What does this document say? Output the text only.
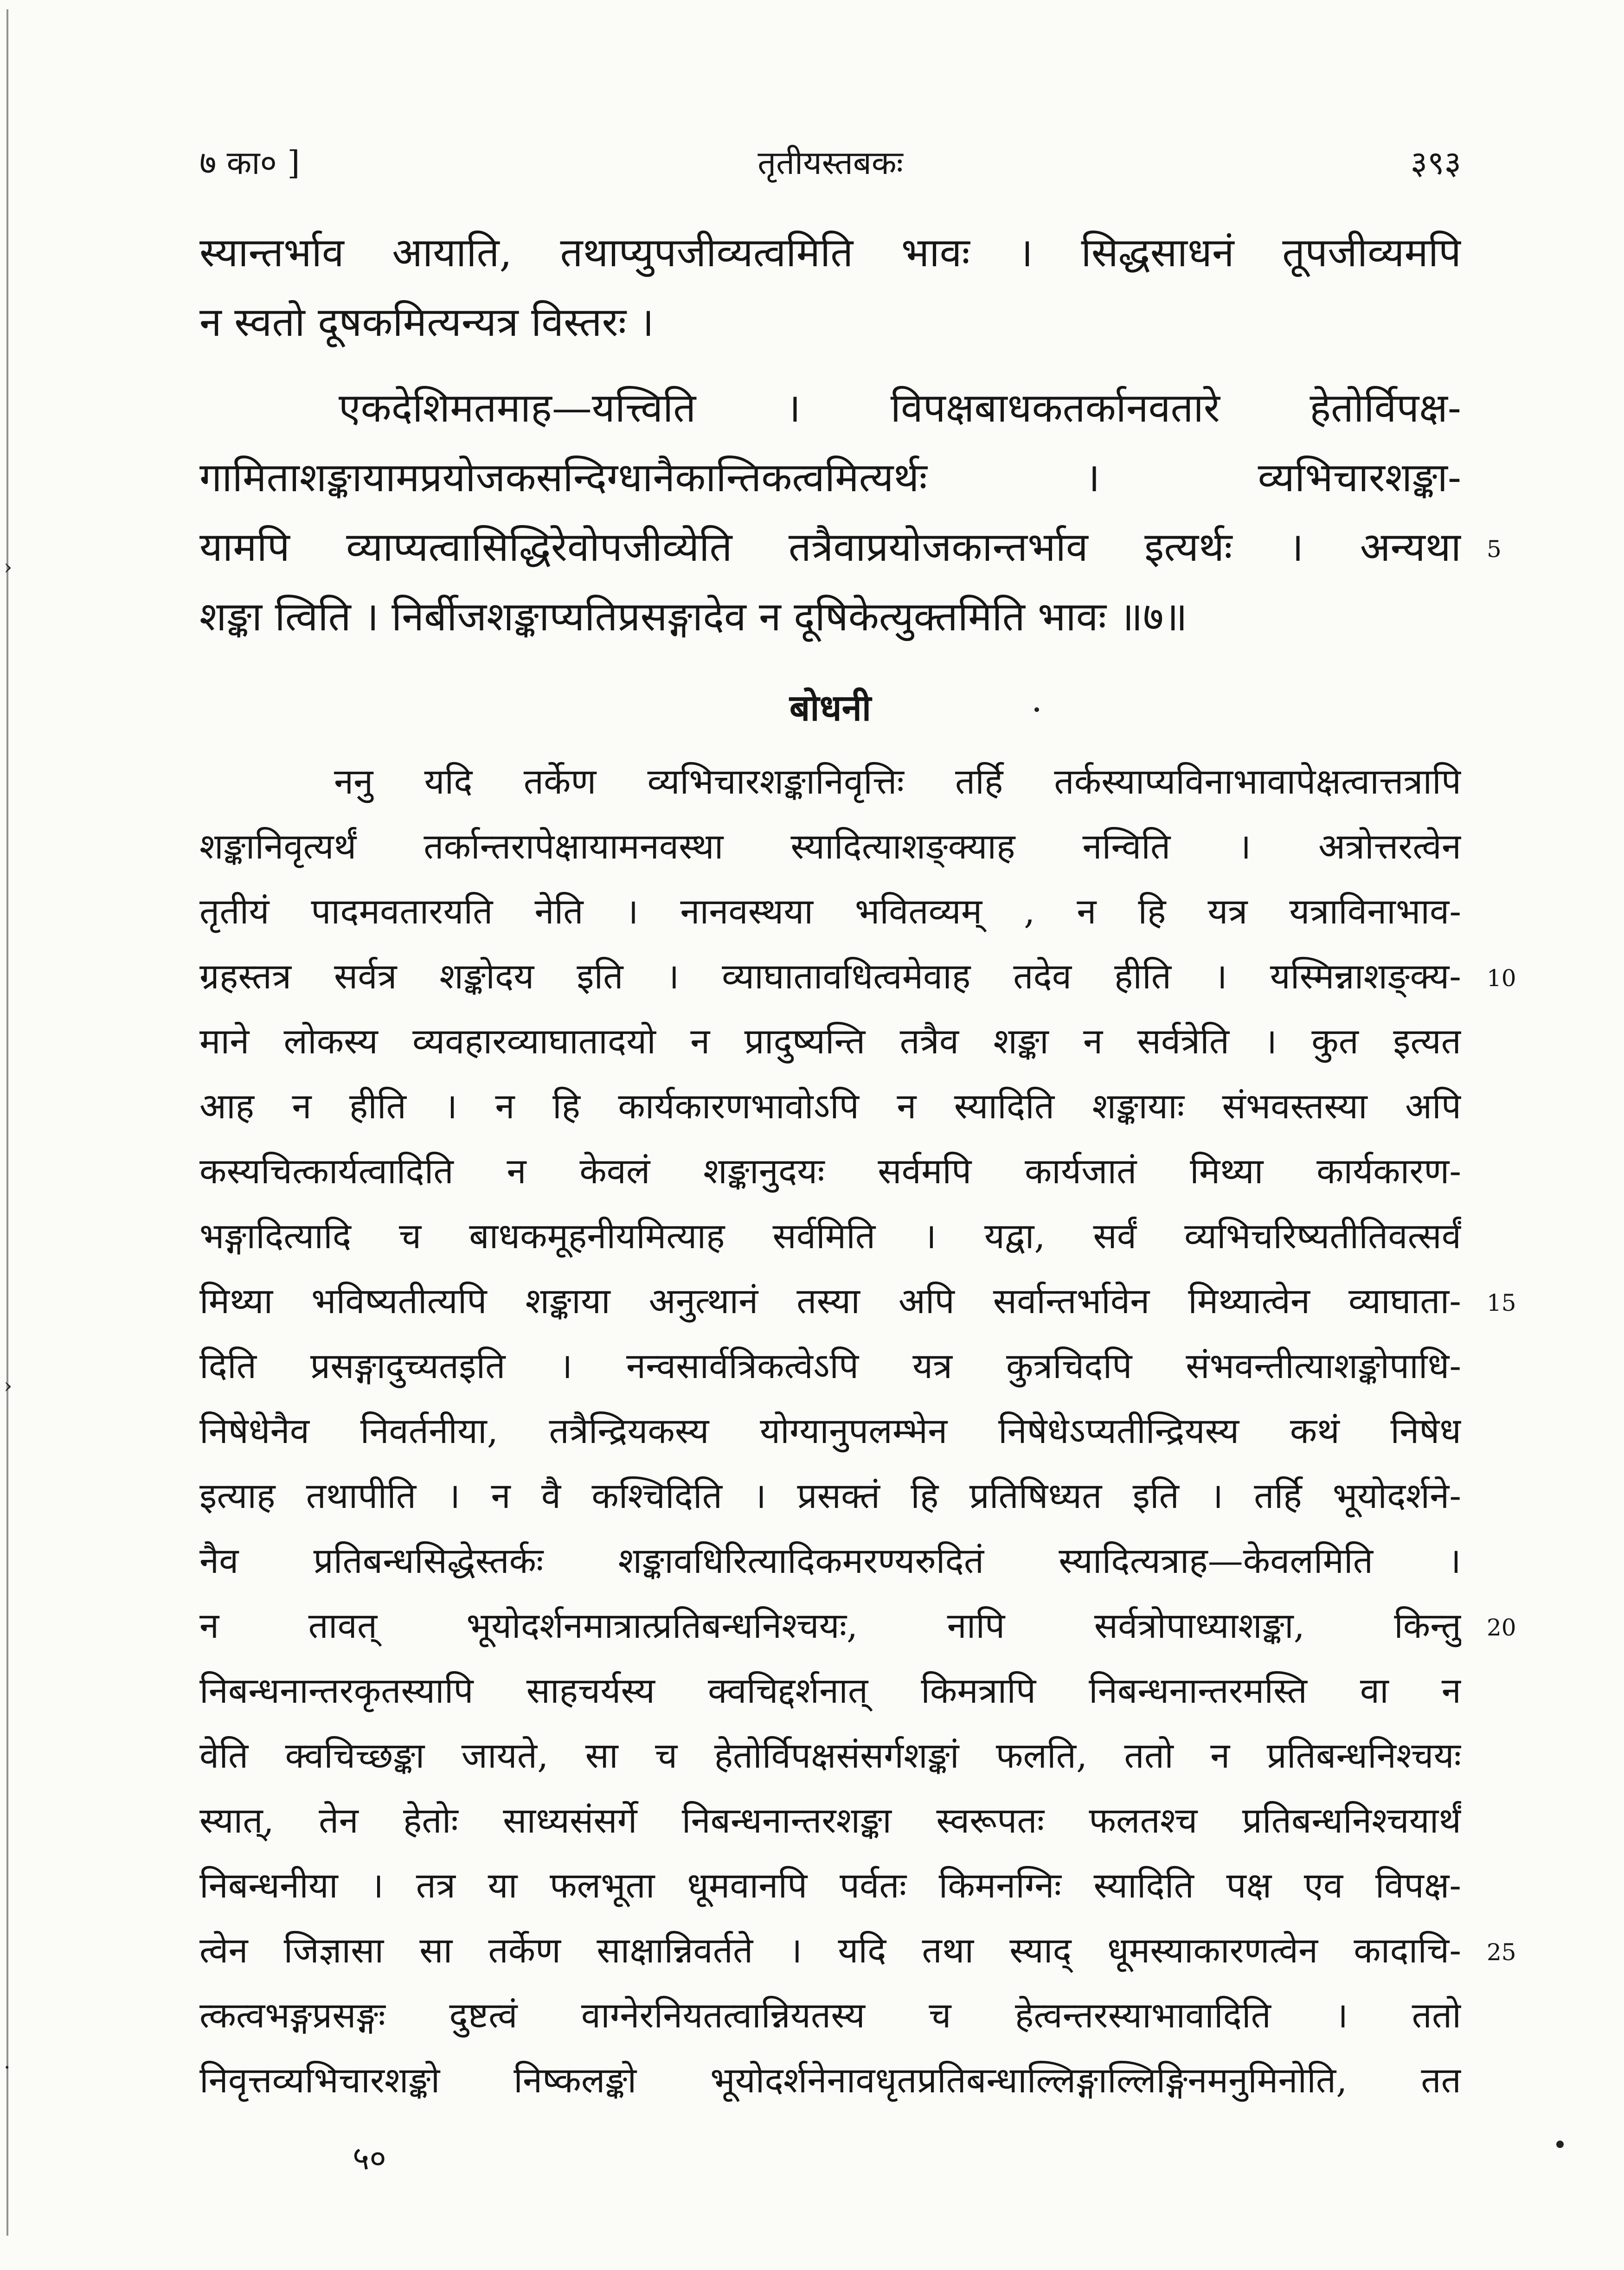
›
›
·
७ का० ]	तृतीयस्तबकः	३९३
स्यान्तर्भाव आयाति, तथाप्युपजीव्यत्वमिति भावः । सिद्धसाधनं तूपजीव्यमपि
न स्वतो दूषकमित्यन्यत्र विस्तरः ।
एकदेशिमतमाह—यत्त्विति । विपक्षबाधकतर्कानवतारे हेतोर्विपक्ष-
गामिताशङ्कायामप्रयोजकसन्दिग्धानैकान्तिकत्वमित्यर्थः । व्यभिचारशङ्का-
यामपि व्याप्यत्वासिद्धिरेवोपजीव्येति तत्रैवाप्रयोजकान्तर्भाव इत्यर्थः । अन्यथा
शङ्का त्विति । निर्बीजशङ्काप्यतिप्रसङ्गादेव न दूषिकेत्युक्तमिति भावः ॥७॥
बोधनी
ननु यदि तर्केण व्यभिचारशङ्कानिवृत्तिः तर्हि तर्कस्याप्यविनाभावापेक्षत्वात्तत्रापि
शङ्कानिवृत्यर्थं तर्कान्तरापेक्षायामनवस्था स्यादित्याशङ्क्याह नन्विति । अत्रोत्तरत्वेन
तृतीयं पादमवतारयति नेति । नानवस्थया भवितव्यम् , न हि यत्र यत्राविनाभाव-
ग्रहस्तत्र सर्वत्र शङ्कोदय इति । व्याघातावधित्वमेवाह तदेव हीति । यस्मिन्नाशङ्क्य-
माने लोकस्य व्यवहारव्याघातादयो न प्रादुष्यन्ति तत्रैव शङ्का न सर्वत्रेति । कुत इत्यत
आह न हीति । न हि कार्यकारणभावोऽपि न स्यादिति शङ्कायाः संभवस्तस्या अपि
कस्यचित्कार्यत्वादिति न केवलं शङ्कानुदयः सर्वमपि कार्यजातं मिथ्या कार्यकारण-
भङ्गादित्यादि च बाधकमूहनीयमित्याह सर्वमिति । यद्वा, सर्वं व्यभिचरिष्यतीतिवत्सर्वं
मिथ्या भविष्यतीत्यपि शङ्काया अनुत्थानं तस्या अपि सर्वान्तर्भावेन मिथ्यात्वेन व्याघाता-
दिति प्रसङ्गादुच्यतइति । नन्वसार्वत्रिकत्वेऽपि यत्र कुत्रचिदपि संभवन्तीत्याशङ्कोपाधि-
निषेधेनैव निवर्तनीया, तत्रैन्द्रियकस्य योग्यानुपलम्भेन निषेधेऽप्यतीन्द्रियस्य कथं निषेध
इत्याह तथापीति । न वै कश्चिदिति । प्रसक्तं हि प्रतिषिध्यत इति । तर्हि भूयोदर्शने-
नैव प्रतिबन्धसिद्धेस्तर्कः शङ्कावधिरित्यादिकमरण्यरुदितं स्यादित्यत्राह—केवलमिति ।
न तावत् भूयोदर्शनमात्रात्प्रतिबन्धनिश्चयः, नापि सर्वत्रोपाध्याशङ्का, किन्तु
निबन्धनान्तरकृतस्यापि साहचर्यस्य क्वचिद्दर्शनात् किमत्रापि निबन्धनान्तरमस्ति वा न
वेति क्वचिच्छङ्का जायते, सा च हेतोर्विपक्षसंसर्गशङ्कां फलति, ततो न प्रतिबन्धनिश्चयः
स्यात्, तेन हेतोः साध्यसंसर्गे निबन्धनान्तरशङ्का स्वरूपतः फलतश्च प्रतिबन्धनिश्चयार्थं
निबन्धनीया । तत्र या फलभूता धूमवानपि पर्वतः किमनग्निः स्यादिति पक्ष एव विपक्ष-
त्वेन जिज्ञासा सा तर्केण साक्षान्निवर्तते । यदि तथा स्याद् धूमस्याकारणत्वेन कादाचि-
त्कत्वभङ्गप्रसङ्गः दुष्टत्वं वाग्नेरनियतत्वान्नियतस्य च हेत्वन्तरस्याभावादिति । ततो
निवृत्तव्यभिचारशङ्को निष्कलङ्को भूयोदर्शनेनावधृतप्रतिबन्धाल्लिङ्गाल्लिङ्गिनमनुमिनोति, तत
5
10
15
20
25
५०
